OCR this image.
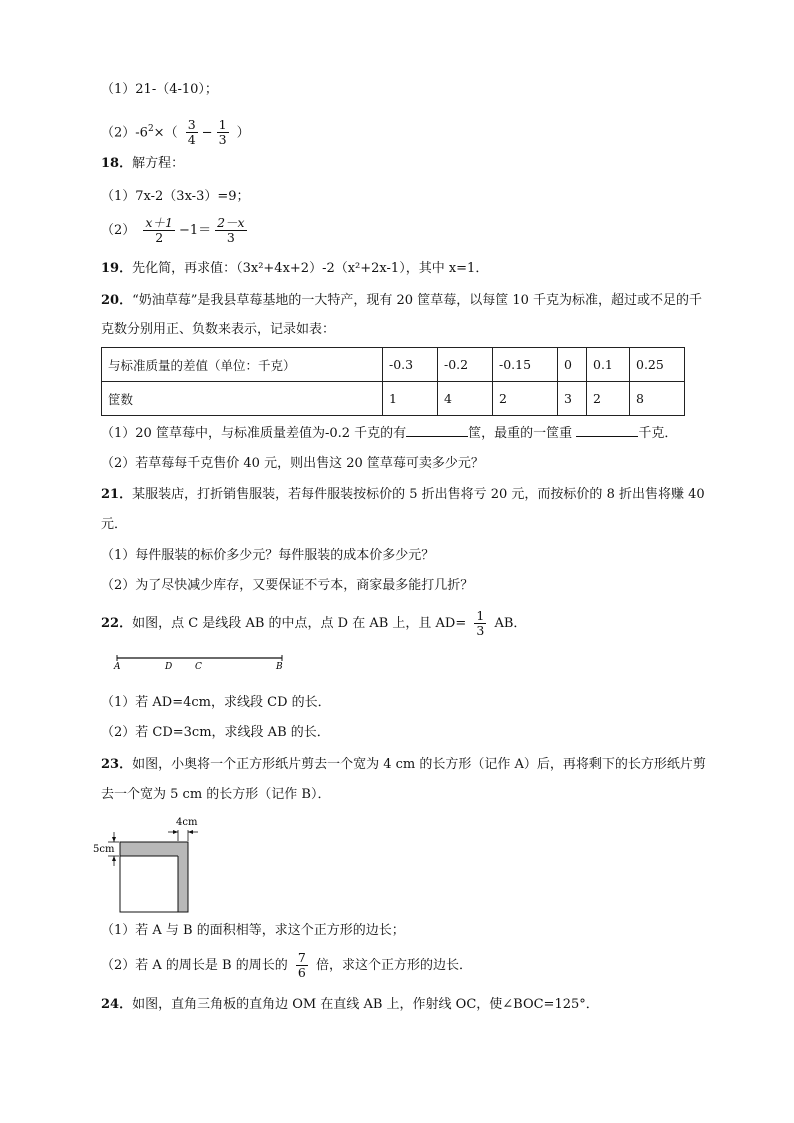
（1）21-（4-10）；
$(2)-6^2\times( \frac{3}{4} - \frac{1}{3}$ ）
18．解方程：
（1）7x-2（3x-3）=9；
$(2) \frac{x+1}{2} -1= \frac{2-x}{3}$
19．先化简，再求值：（3x²+4x+2）-2（x²+2x-1），其中 x=1．
20．“奶油草莓”是我县草莓基地的一大特产，现有 20 筐草莓，以每筐 10 千克为标准，超过或不足的千
克数分别用正、负数来表示，记录如表：
与标准质量的差值（单位：千克）	-0.3	-0.2	-0.15	0	0.1	0.25
筐数	1	4	2	3	2	8
（1）20 筐草莓中，与标准质量差值为-0.2 千克的有	筐，最重的一筐重	千克．
（2）若草莓每千克售价 40 元，则出售这 20 筐草莓可卖多少元？
21．某服装店，打折销售服装，若每件服装按标价的 5 折出售将亏 20 元，而按标价的 8 折出售将赚 40
元．
（1）每件服装的标价多少元？每件服装的成本价多少元？
（2）为了尽快减少库存，又要保证不亏本，商家最多能打几折？
22．如图，点 C 是线段 AB 的中点，点 D 在 AB 上，且 $AD= \frac{1}{3}$ AB．
A	D	C	B
（1）若 AD=4cm，求线段 CD 的长．
（2）若 CD=3cm，求线段 AB 的长．
23．如图，小奥将一个正方形纸片剪去一个宽为 4 cm 的长方形（记作 A）后，再将剩下的长方形纸片剪
去一个宽为 5 cm 的长方形（记作 B）．
4cm
5cm
（1）若 A 与 B 的面积相等，求这个正方形的边长；
（2）若 A 的周长是 B 的周长的 $\frac{7}{6}$ 倍，求这个正方形的边长．
24．如图，直角三角板的直角边 OM 在直线 AB 上，作射线 OC，使∠BOC=125°．
